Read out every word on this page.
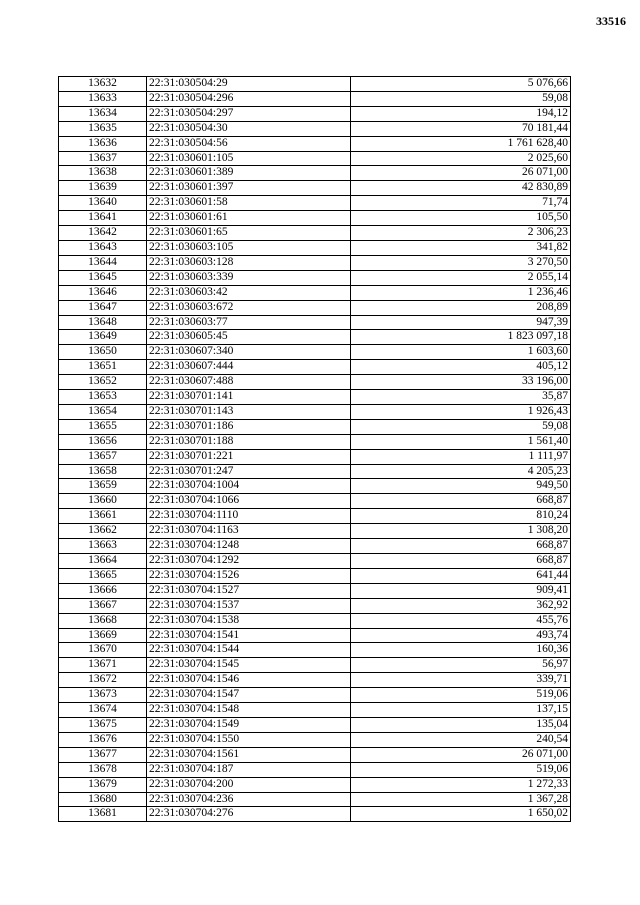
33516
13632	22:31:030504:29	5 076,66
13633	22:31:030504:296	59,08
13634	22:31:030504:297	194,12
13635	22:31:030504:30	70 181,44
13636	22:31:030504:56	1 761 628,40
13637	22:31:030601:105	2 025,60
13638	22:31:030601:389	26 071,00
13639	22:31:030601:397	42 830,89
13640	22:31:030601:58	71,74
13641	22:31:030601:61	105,50
13642	22:31:030601:65	2 306,23
13643	22:31:030603:105	341,82
13644	22:31:030603:128	3 270,50
13645	22:31:030603:339	2 055,14
13646	22:31:030603:42	1 236,46
13647	22:31:030603:672	208,89
13648	22:31:030603:77	947,39
13649	22:31:030605:45	1 823 097,18
13650	22:31:030607:340	1 603,60
13651	22:31:030607:444	405,12
13652	22:31:030607:488	33 196,00
13653	22:31:030701:141	35,87
13654	22:31:030701:143	1 926,43
13655	22:31:030701:186	59,08
13656	22:31:030701:188	1 561,40
13657	22:31:030701:221	1 111,97
13658	22:31:030701:247	4 205,23
13659	22:31:030704:1004	949,50
13660	22:31:030704:1066	668,87
13661	22:31:030704:1110	810,24
13662	22:31:030704:1163	1 308,20
13663	22:31:030704:1248	668,87
13664	22:31:030704:1292	668,87
13665	22:31:030704:1526	641,44
13666	22:31:030704:1527	909,41
13667	22:31:030704:1537	362,92
13668	22:31:030704:1538	455,76
13669	22:31:030704:1541	493,74
13670	22:31:030704:1544	160,36
13671	22:31:030704:1545	56,97
13672	22:31:030704:1546	339,71
13673	22:31:030704:1547	519,06
13674	22:31:030704:1548	137,15
13675	22:31:030704:1549	135,04
13676	22:31:030704:1550	240,54
13677	22:31:030704:1561	26 071,00
13678	22:31:030704:187	519,06
13679	22:31:030704:200	1 272,33
13680	22:31:030704:236	1 367,28
13681	22:31:030704:276	1 650,02
